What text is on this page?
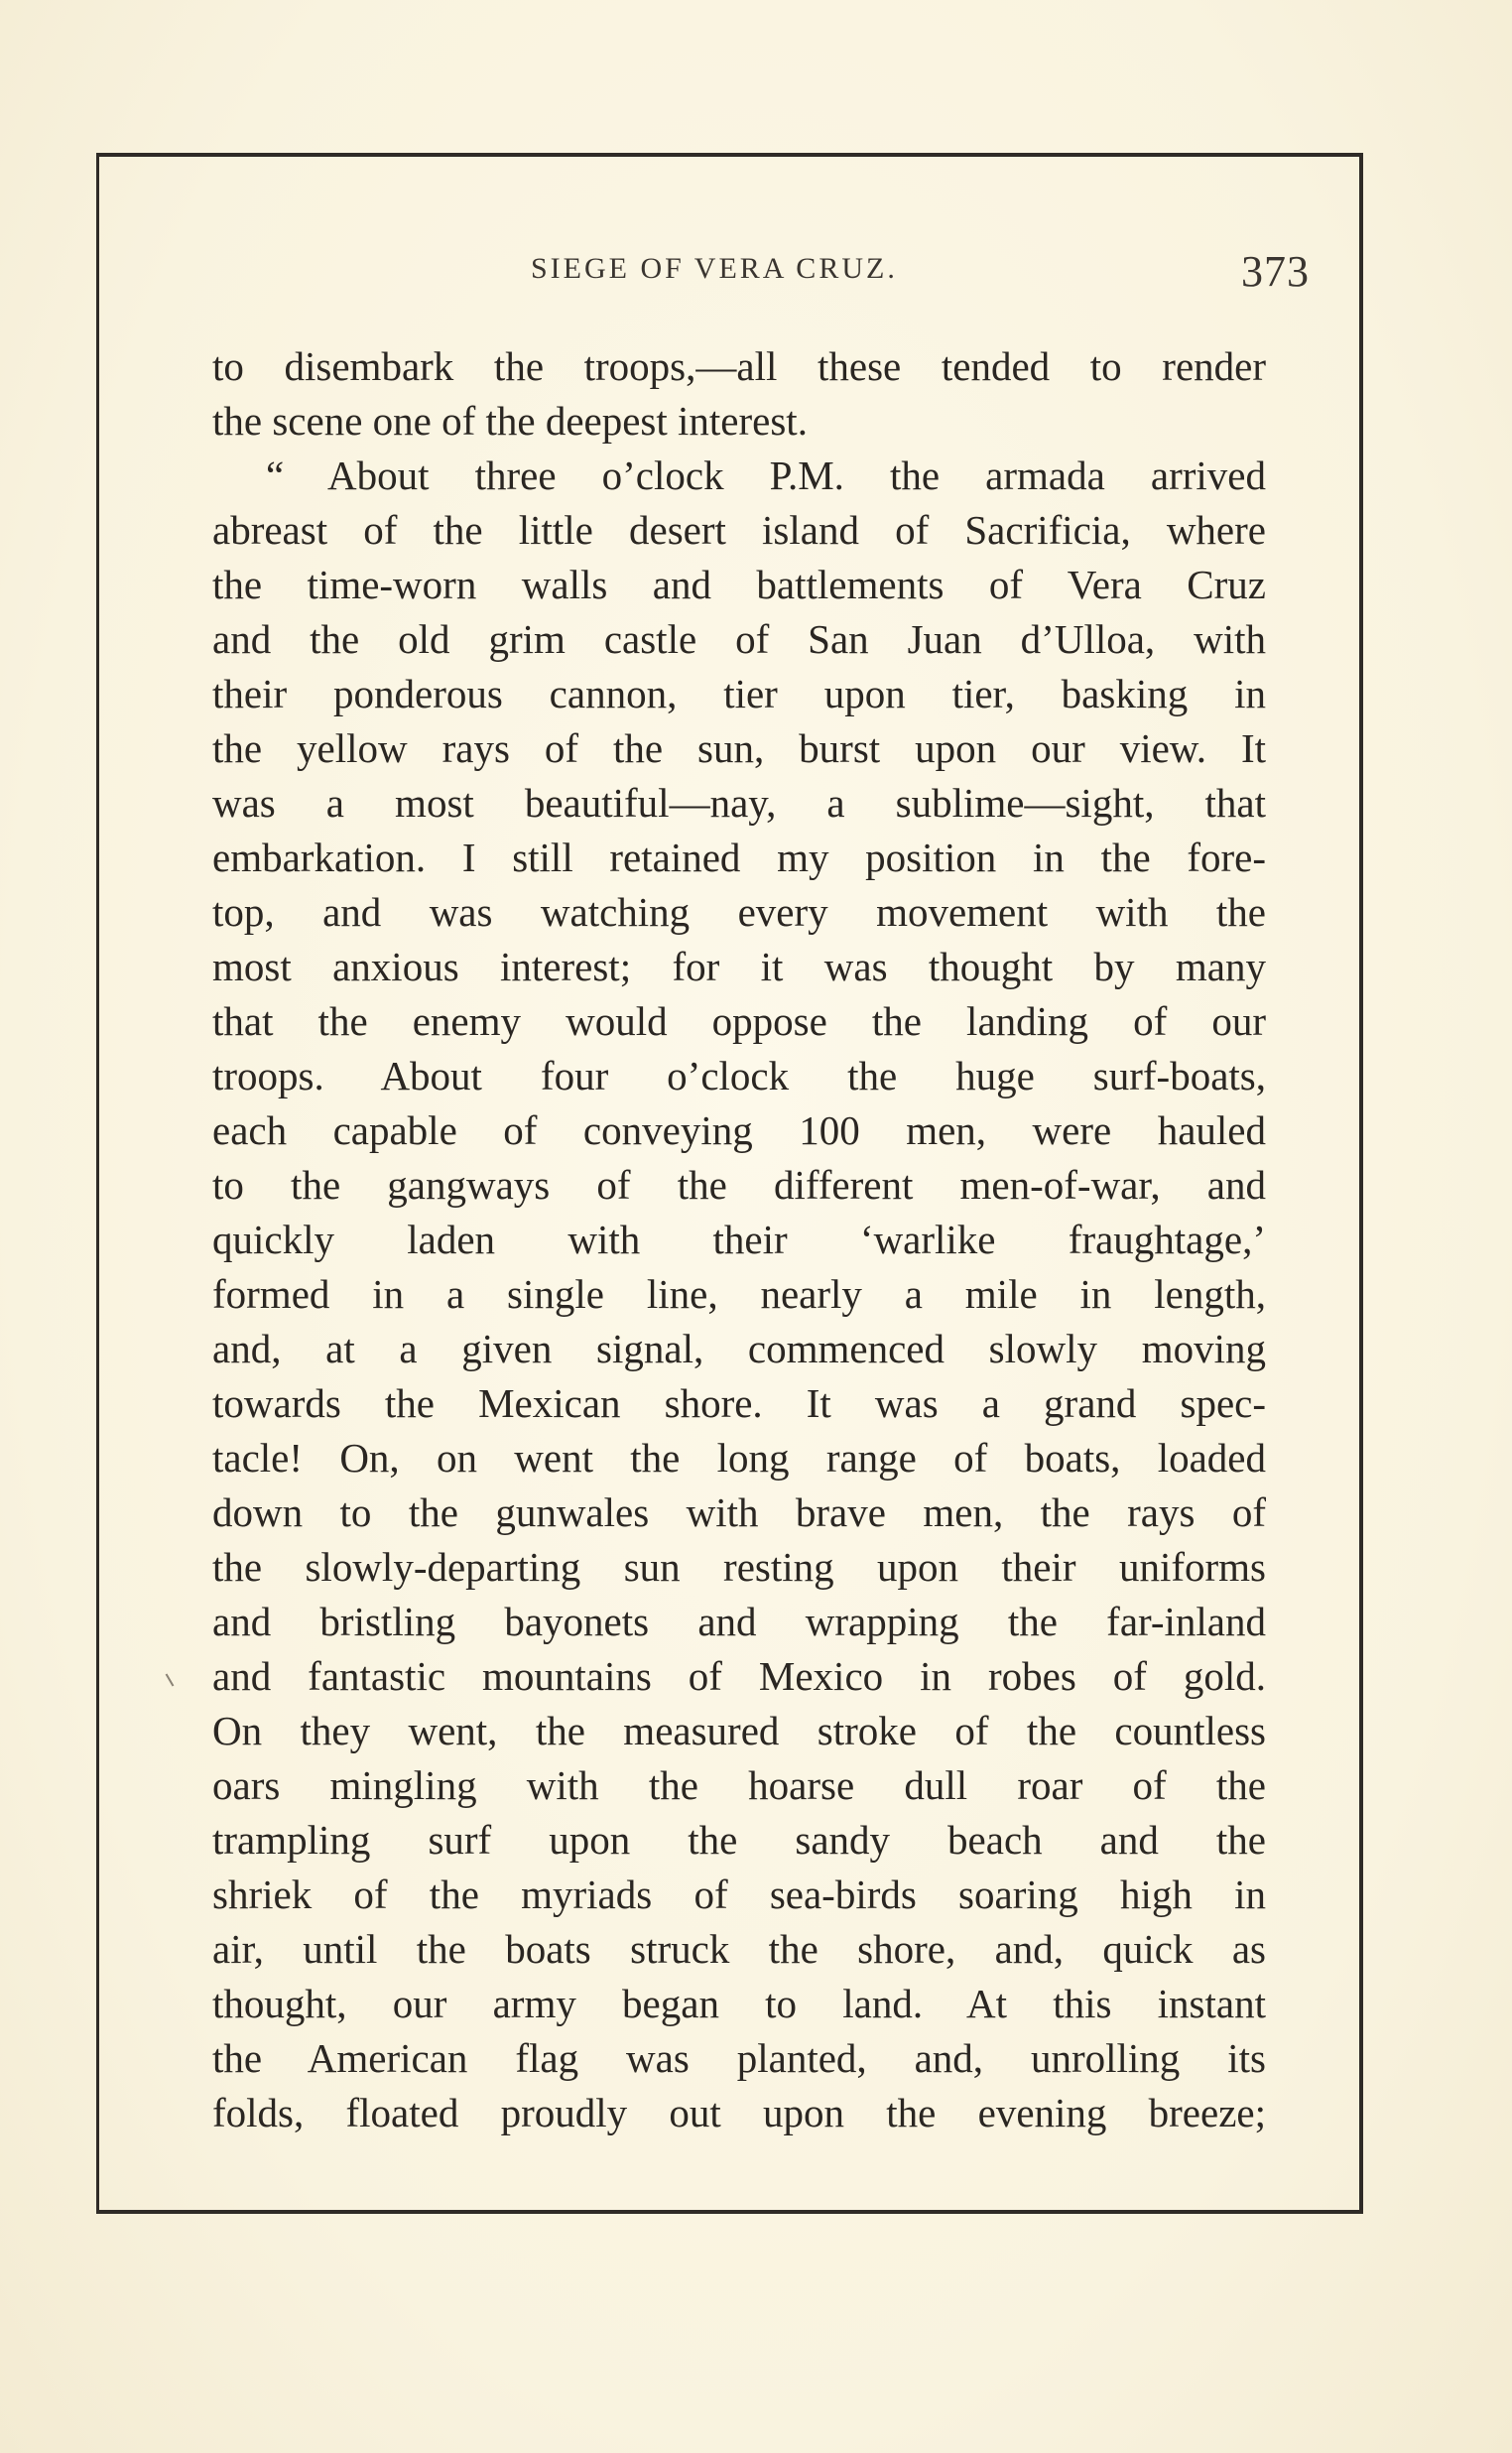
SIEGE OF VERA CRUZ.	373
to disembark the troops,—all these tended to render
the scene one of the deepest interest.
“ About three o’clock P.M. the armada arrived
abreast of the little desert island of Sacrificia, where
the time-worn walls and battlements of Vera Cruz
and the old grim castle of San Juan d’Ulloa, with
their ponderous cannon, tier upon tier, basking in
the yellow rays of the sun, burst upon our view. It
was a most beautiful—nay, a sublime—sight, that
embarkation. I still retained my position in the fore-
top, and was watching every movement with the
most anxious interest; for it was thought by many
that the enemy would oppose the landing of our
troops. About four o’clock the huge surf-boats,
each capable of conveying 100 men, were hauled
to the gangways of the different men-of-war, and
quickly laden with their ‘warlike fraughtage,’
formed in a single line, nearly a mile in length,
and, at a given signal, commenced slowly moving
towards the Mexican shore. It was a grand spec-
tacle! On, on went the long range of boats, loaded
down to the gunwales with brave men, the rays of
the slowly-departing sun resting upon their uniforms
and bristling bayonets and wrapping the far-inland
and fantastic mountains of Mexico in robes of gold.
On they went, the measured stroke of the countless
oars mingling with the hoarse dull roar of the
trampling surf upon the sandy beach and the
shriek of the myriads of sea-birds soaring high in
air, until the boats struck the shore, and, quick as
thought, our army began to land. At this instant
the American flag was planted, and, unrolling its
folds, floated proudly out upon the evening breeze;
